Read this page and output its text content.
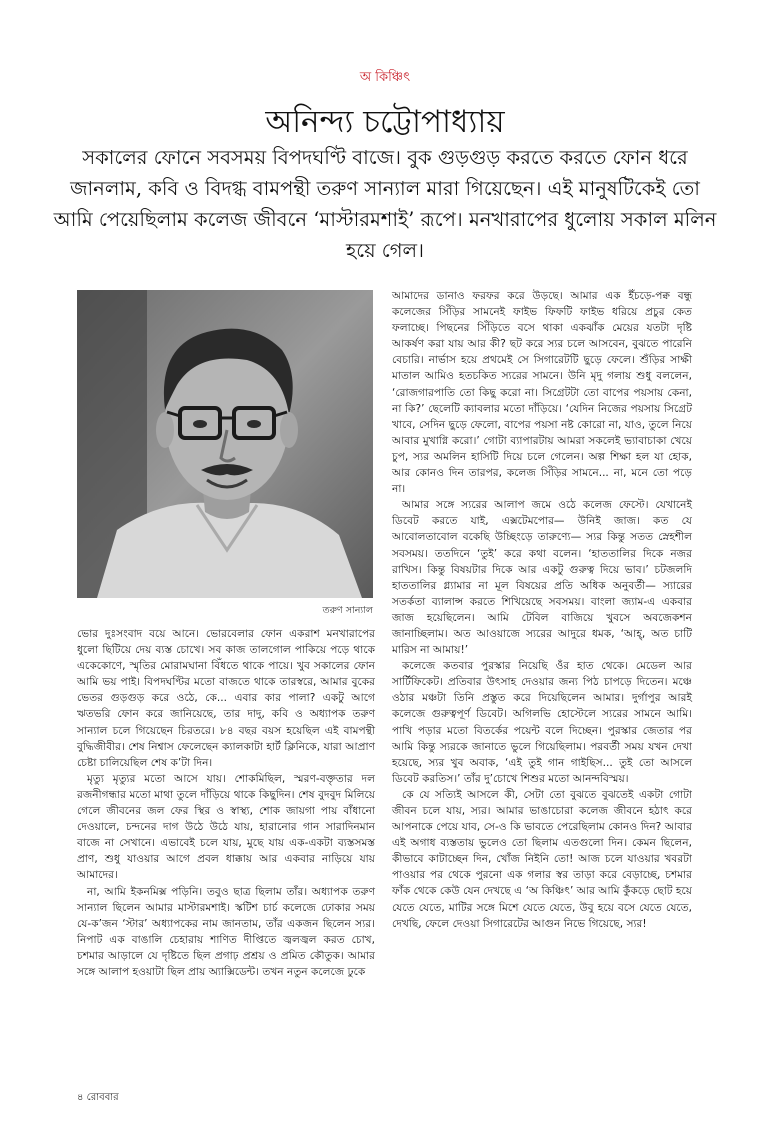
অ কিঞ্চিৎ
অনিন্দ্য চট্টোপাধ্যায়
সকালের ফোনে সবসময় বিপদঘণ্টি বাজে। বুক গুড়গুড় করতে করতে ফোন ধরে জানলাম, কবি ও বিদগ্ধ বামপন্থী তরুণ সান্যাল মারা গিয়েছেন। এই মানুষটিকেই তো আমি পেয়েছিলাম কলেজ জীবনে ‘মাস্টারমশাই’ রূপে। মনখারাপের ধুলোয় সকাল মলিন হয়ে গেল।
তরুণ সান্যাল

ভোর দুঃসংবাদ বয়ে আনে। ভোরবেলার ফোন একরাশ মনখারাপের ধুলো ছিটিয়ে দেয় ব্যস্ত চোখে। সব কাজ তালগোল পাকিয়ে পড়ে থাকে একেকোণে, স্মৃতির মোরামঘানা বিঁধতে থাকে পায়ে। খুব সকালের ফোন আমি ভয় পাই। বিপদঘণ্টির মতো বাজতে থাকে তারস্বরে, আমার বুকের ভেতর গুড়গুড় করে ওঠে, কে... এবার কার পালা? একটু আগে ঋতভরি ফোন করে জানিয়েছে, তার দাদু, কবি ও অধ্যাপক তরুণ সান্যাল চলে গিয়েছেন চিরতরে। ৮৪ বছর বয়স হয়েছিল এই বামপন্থী বুদ্ধিজীবীর। শেষ নিশ্বাস ফেলেছেন ক্যালকাটা হার্ট ক্লিনিকে, যারা আপ্রাণ চেষ্টা চালিয়েছিল শেষ ক’টা দিন।

মৃত্যু মৃত্যুর মতো আসে যায়। শোকমিছিল, স্মরণ-বক্তৃতার দল রজনীগন্ধার মতো মাথা তুলে দাঁড়িয়ে থাকে কিছুদিন। শেষ বুদবুদ মিলিয়ে গেলে জীবনের জল ফের স্থির ও স্বাস্থ্য, শোক জায়গা পায় বাঁধানো দেওয়ালে, চন্দনের দাগ উঠে উঠে যায়, হারানোর গান সারাদিনমান বাজে না সেখানে। এভাবেই চলে যায়, মুছে যায় এক-একটা ব্যস্তসমস্ত প্রাণ, শুধু যাওয়ার আগে প্রবল ধাক্কায় আর একবার নাড়িয়ে যায় আমাদের।

না, আমি ইকনমিক্স পড়িনি। তবুও ছাত্র ছিলাম তাঁর। অধ্যাপক তরুণ সান্যাল ছিলেন আমার মাস্টারমশাই। স্কটিশ চার্চ কলেজে ঢোকার সময় যে-ক’জন ‘স্টার’ অধ্যাপকের নাম জানতাম, তাঁর একজন ছিলেন স্যর। নিপাট এক বাঙালি চেহারায় শাণিত দীপ্তিতে জ্বলজ্বল করত চোখ, চশমার আড়ালে যে দৃষ্টিতে ছিল প্রগাঢ় প্রশ্রয় ও প্রমিত কৌতুক। আমার সঙ্গে আলাপ হওয়াটা ছিল প্রায় অ্যাক্সিডেন্ট। তখন নতুন কলেজে ঢুকে

আমাদের ডানাও ফরফর করে উড়ছে। আমার এক ইঁচড়ে-পক্ব বন্ধু কলেজের সিঁড়ির সামনেই ফাইভ ফিফটি ফাইভ ধরিয়ে প্রচুর কেত ফলাচ্ছে। পিছনের সিঁড়িতে বসে থাকা একঝাঁক মেয়ের যতটা দৃষ্টি আকর্ষণ করা যায় আর কী? ছট করে স্যর চলে আসবেন, বুঝতে পারেনি বেচারি। নার্ভাস হয়ে প্রথমেই সে সিগারেটটি ছুড়ে ফেলে। শুঁড়ির সাক্ষী মাতাল আমিও হতচকিত স্যরের সামনে। উনি মৃদু গলায় শুধু বললেন, ‘রোজগারপাতি তো কিছু করো না। সিগ্রেটটা তো বাপের পয়সায় কেনা, না কি?’ ছেলেটি ক্যাবলার মতো দাঁড়িয়ে। ‘যেদিন নিজের পয়সায় সিগ্রেট খাবে, সেদিন ছুড়ে ফেলো, বাপের পয়সা নষ্ট কোরো না, যাও, তুলে নিয়ে আবার মুখাগ্নি করো।’ গোটা ব্যাপারটায় আমরা সকলেই ভ্যাবাচাকা খেয়ে চুপ, স্যর অমলিন হাসিটি দিয়ে চলে গেলেন। অল্প শিক্ষা হল যা হোক, আর কোনও দিন তারপর, কলেজ সিঁড়ির সামনে... না, মনে তো পড়ে না।

আমার সঙ্গে স্যরের আলাপ জমে ওঠে কলেজ ফেস্টে। যেখানেই ডিবেট করতে যাই, এক্সটেমপোর— উনিই জাজ। কত যে আবোলতাবোল বকেছি উচ্ছিংড়ে তারুণ্যে— স্যর কিন্তু সতত স্নেহশীল সবসময়। ততদিনে ‘তুই’ করে কথা বলেন। ‘হাততালির দিকে নজর রাখিস। কিন্তু বিষয়টার দিকে আর একটু গুরুত্ব দিয়ে ভাব।’ চটজলদি হাততালির গ্ল্যামার না মূল বিষয়ের প্রতি অধিক অনুবর্তী— স্যারের সতর্কতা ব্যালান্স করতে শিখিয়েছে সবসময়। বাংলা জ্যাম-এ একবার জাজ হয়েছিলেন। আমি টেবিল বাজিয়ে খুবসে অবজেকশন জানাচ্ছিলাম। অত আওয়াজে স্যরের আদুরে ধমক, ‘আহ্, অত চাটি মারিস না আমায়!’

কলেজে কতবার পুরস্কার নিয়েছি ওঁর হাত থেকে। মেডেল আর সার্টিফিকেট। প্রতিবার উৎসাহ দেওয়ার জন্য পিঠ চাপড়ে দিতেন। মঞ্চে ওঠার মঞ্চটা তিনি প্রস্তুত করে দিয়েছিলেন আমার। দুর্গাপুর আরই কলেজে গুরুত্বপূর্ণ ডিবেট। অগিলভি হোস্টেলে স্যরের সামনে আমি। পাখি পড়ার মতো বিতর্কের পয়েন্ট বলে দিচ্ছেন। পুরস্কার জেতার পর আমি কিন্তু স্যরকে জানাতে ভুলে গিয়েছিলাম। পরবর্তী সময় যখন দেখা হয়েছে, স্যর খুব অবাক, ‘এই তুই গান গাইছিস... তুই তো আসলে ডিবেট করতিস।’ তাঁর দু’চোখে শিশুর মতো আনন্দবিস্ময়।

কে যে সত্যিই আসলে কী, সেটা তো বুঝতে বুঝতেই একটা গোটা জীবন চলে যায়, স্যর। আমার ভাঙাচোরা কলেজ জীবনে হঠাৎ করে আপনাকে পেয়ে যাব, সে-ও কি ভাবতে পেরেছিলাম কোনও দিন? আবার এই অগাধ ব্যস্ততায় ভুলেও তো ছিলাম এতগুলো দিন। কেমন ছিলেন, কীভাবে কাটাচ্ছেন দিন, খোঁজ নিইনি তো! আজ চলে যাওয়ার খবরটা পাওয়ার পর থেকে পুরনো এক গলার স্বর তাড়া করে বেড়াচ্ছে, চশমার ফাঁক থেকে কেউ যেন দেখছে এ ‘অ কিঞ্চিৎ’ আর আমি কুঁকড়ে ছোট হয়ে যেতে যেতে, মাটির সঙ্গে মিশে যেতে যেতে, উবু হয়ে বসে যেতে যেতে, দেখছি, ফেলে দেওয়া সিগারেটের আগুন নিভে গিয়েছে, স্যর!

৪ রোববার
